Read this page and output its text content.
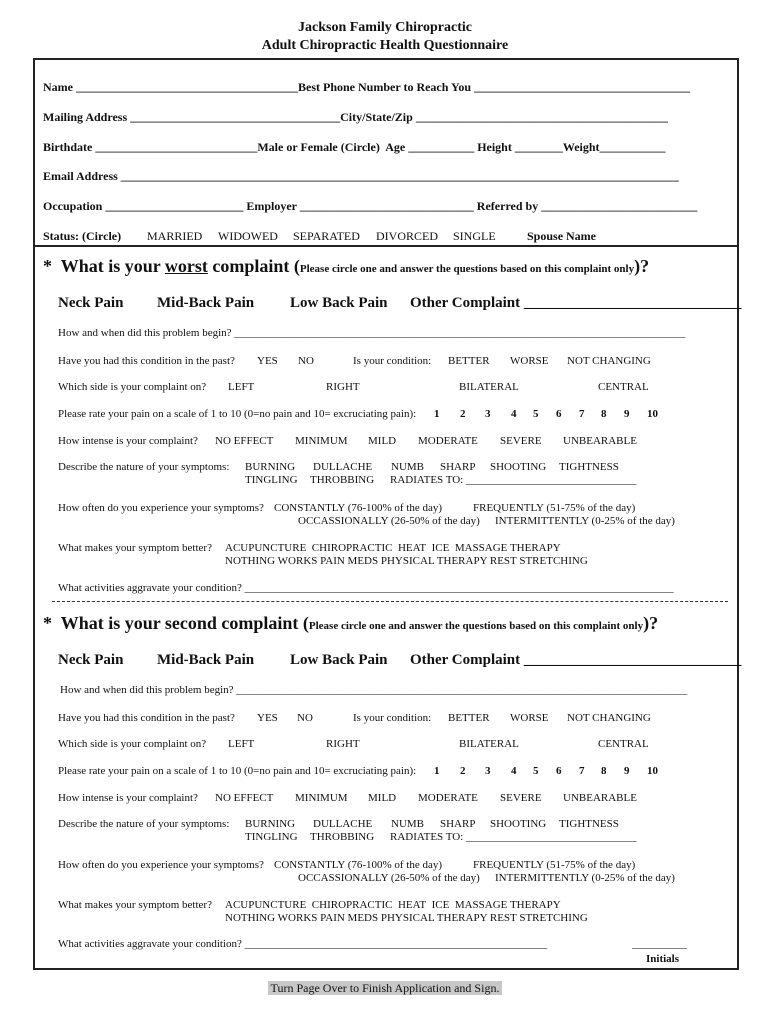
Jackson Family Chiropractic
Adult Chiropractic Health Questionnaire
Name _____________________________________Best Phone Number to Reach You ____________________________________
Mailing Address ___________________________________City/State/Zip __________________________________________
Birthdate ___________________________Male or Female (Circle) Age ___________ Height ________Weight___________
Email Address _____________________________________________________________________________________________
Occupation _______________________ Employer _____________________________ Referred by __________________________
Status: (Circle) MARRIED WIDOWED SEPARATED DIVORCED SINGLE	Spouse Name
* What is your worst complaint (Please circle one and answer the questions based on this complaint only)?
Neck Pain Mid-Back Pain Low Back Pain Other Complaint _____________________________
How and when did this problem begin? __________________________________________________________________________________
Have you had this condition in the past? YES NO	Is your condition: BETTER WORSE NOT CHANGING
Which side is your complaint on? LEFT	RIGHT	BILATERAL	CENTRAL
Please rate your pain on a scale of 1 to 10 (0=no pain and 10= excruciating pain): 1 2 3 4 5 6 7 8 9 10
How intense is your complaint? NO EFFECT MINIMUM MILD MODERATE SEVERE UNBEARABLE
Describe the nature of your symptoms: BURNING DULLACHE NUMB SHARP SHOOTING TIGHTNESS
TINGLING THROBBING RADIATES TO: _______________________________
How often do you experience your symptoms? CONSTANTLY (76-100% of the day)	FREQUENTLY (51-75% of the day)
OCCASSIONALLY (26-50% of the day) INTERMITTENTLY (0-25% of the day)
What makes your symptom better? ACUPUNCTURE CHIROPRACTIC HEAT ICE MASSAGE THERAPY
NOTHING WORKS PAIN MEDS PHYSICAL THERAPY REST STRETCHING
What activities aggravate your condition? ______________________________________________________________________________
* What is your second complaint (Please circle one and answer the questions based on this complaint only)?
Neck Pain Mid-Back Pain Low Back Pain Other Complaint _____________________________
How and when did this problem begin? __________________________________________________________________________________
Have you had this condition in the past? YES NO	Is your condition: BETTER WORSE NOT CHANGING
Which side is your complaint on? LEFT	RIGHT	BILATERAL	CENTRAL
Please rate your pain on a scale of 1 to 10 (0=no pain and 10= excruciating pain): 1 2 3 4 5 6 7 8 9 10
How intense is your complaint? NO EFFECT MINIMUM MILD MODERATE SEVERE UNBEARABLE
Describe the nature of your symptoms: BURNING DULLACHE NUMB SHARP SHOOTING TIGHTNESS
TINGLING THROBBING RADIATES TO: _______________________________
How often do you experience your symptoms? CONSTANTLY (76-100% of the day)	FREQUENTLY (51-75% of the day)
OCCASSIONALLY (26-50% of the day) INTERMITTENTLY (0-25% of the day)
What makes your symptom better? ACUPUNCTURE CHIROPRACTIC HEAT ICE MASSAGE THERAPY
NOTHING WORKS PAIN MEDS PHYSICAL THERAPY REST STRETCHING
What activities aggravate your condition? _______________________________________________________	__________
Initials
Turn Page Over to Finish Application and Sign.
